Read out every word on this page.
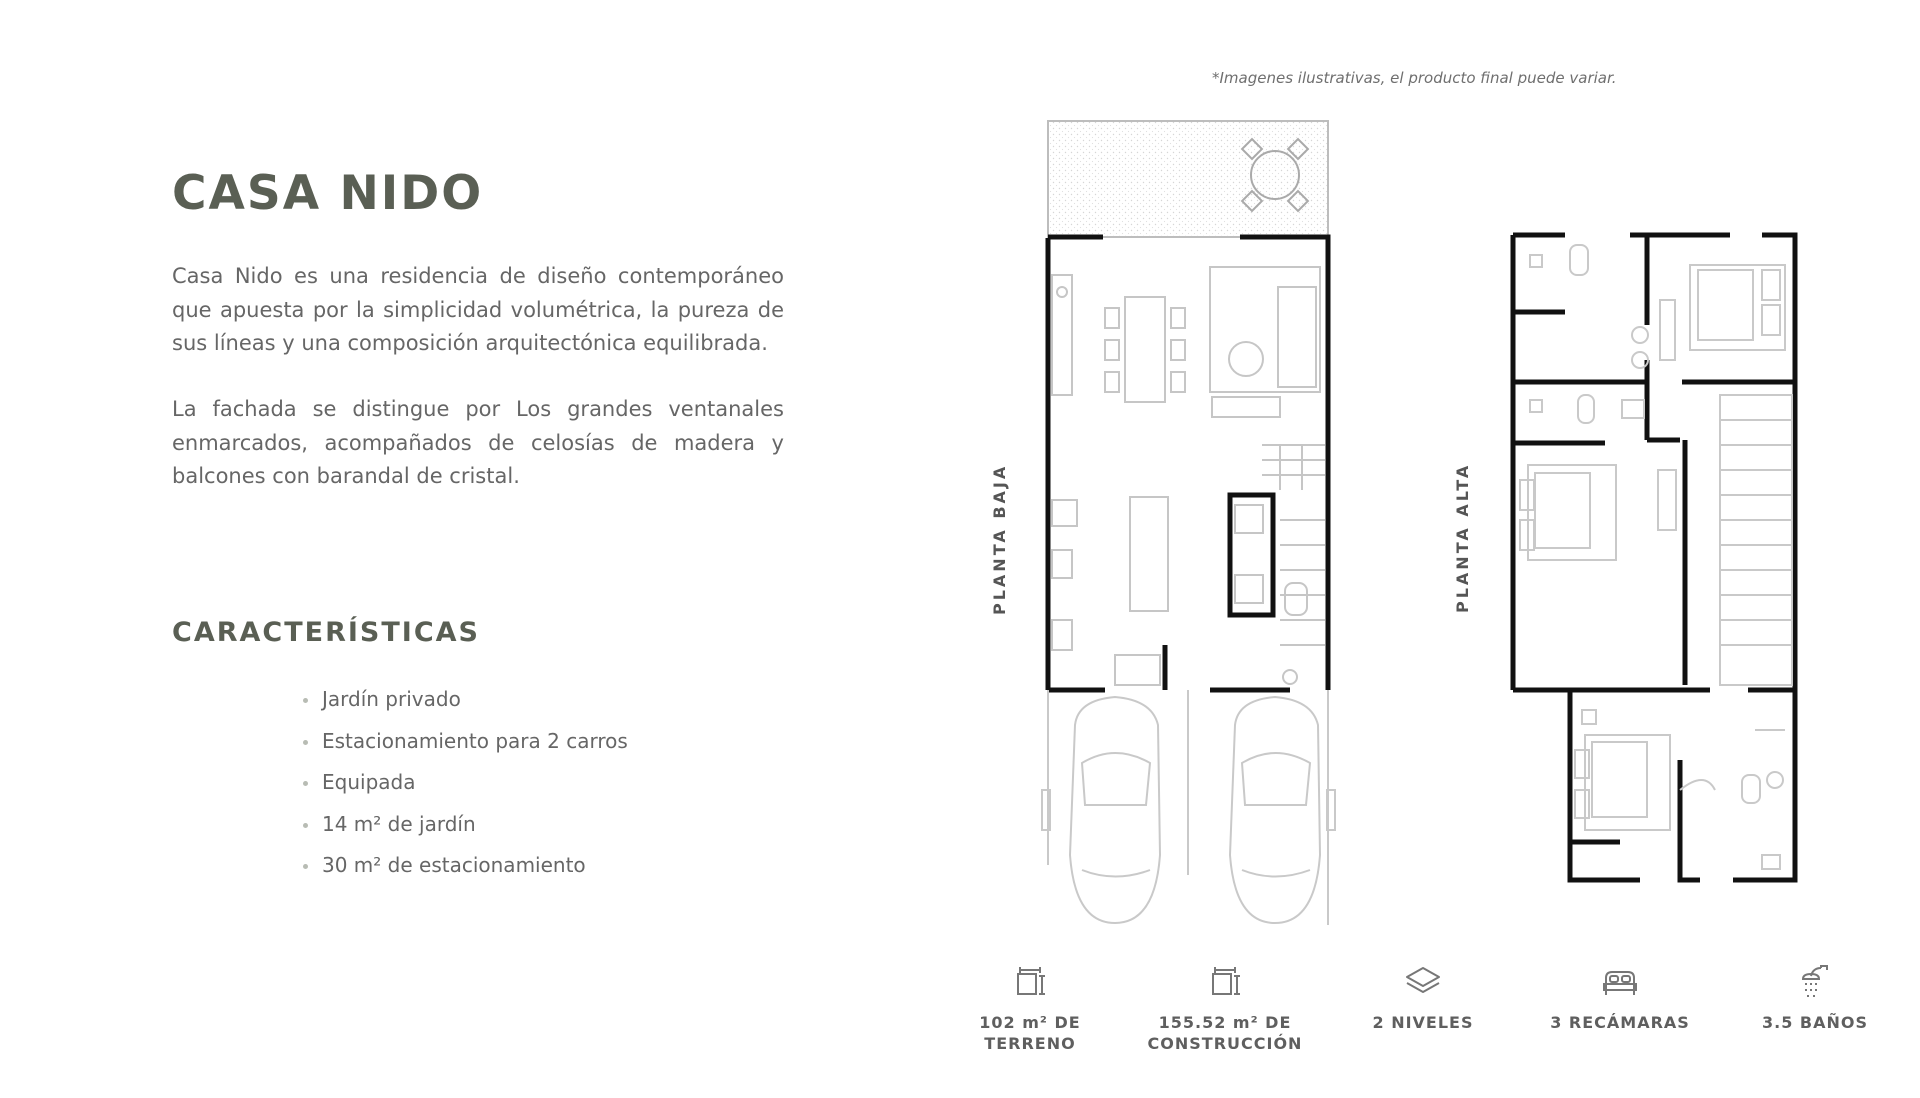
*Imagenes ilustrativas, el producto final puede variar.
CASA NIDO

Casa Nido es una residencia de diseño contemporáneo que apuesta por la simplicidad volumétrica, la pureza de sus líneas y una composición arquitectónica equilibrada.

La fachada se distingue por Los grandes ventanales enmarcados, acompañados de celosías de madera y balcones con barandal de cristal.

CARACTERÍSTICAS
Jardín privado
Estacionamiento para 2 carros
Equipada
14 m² de jardín
30 m² de estacionamiento
PLANTA BAJA	PLANTA ALTA
102 m² DE TERRENO
155.52 m² DE CONSTRUCCIÓN
2 NIVELES	3 RECÁMARAS	3.5 BAÑOS
